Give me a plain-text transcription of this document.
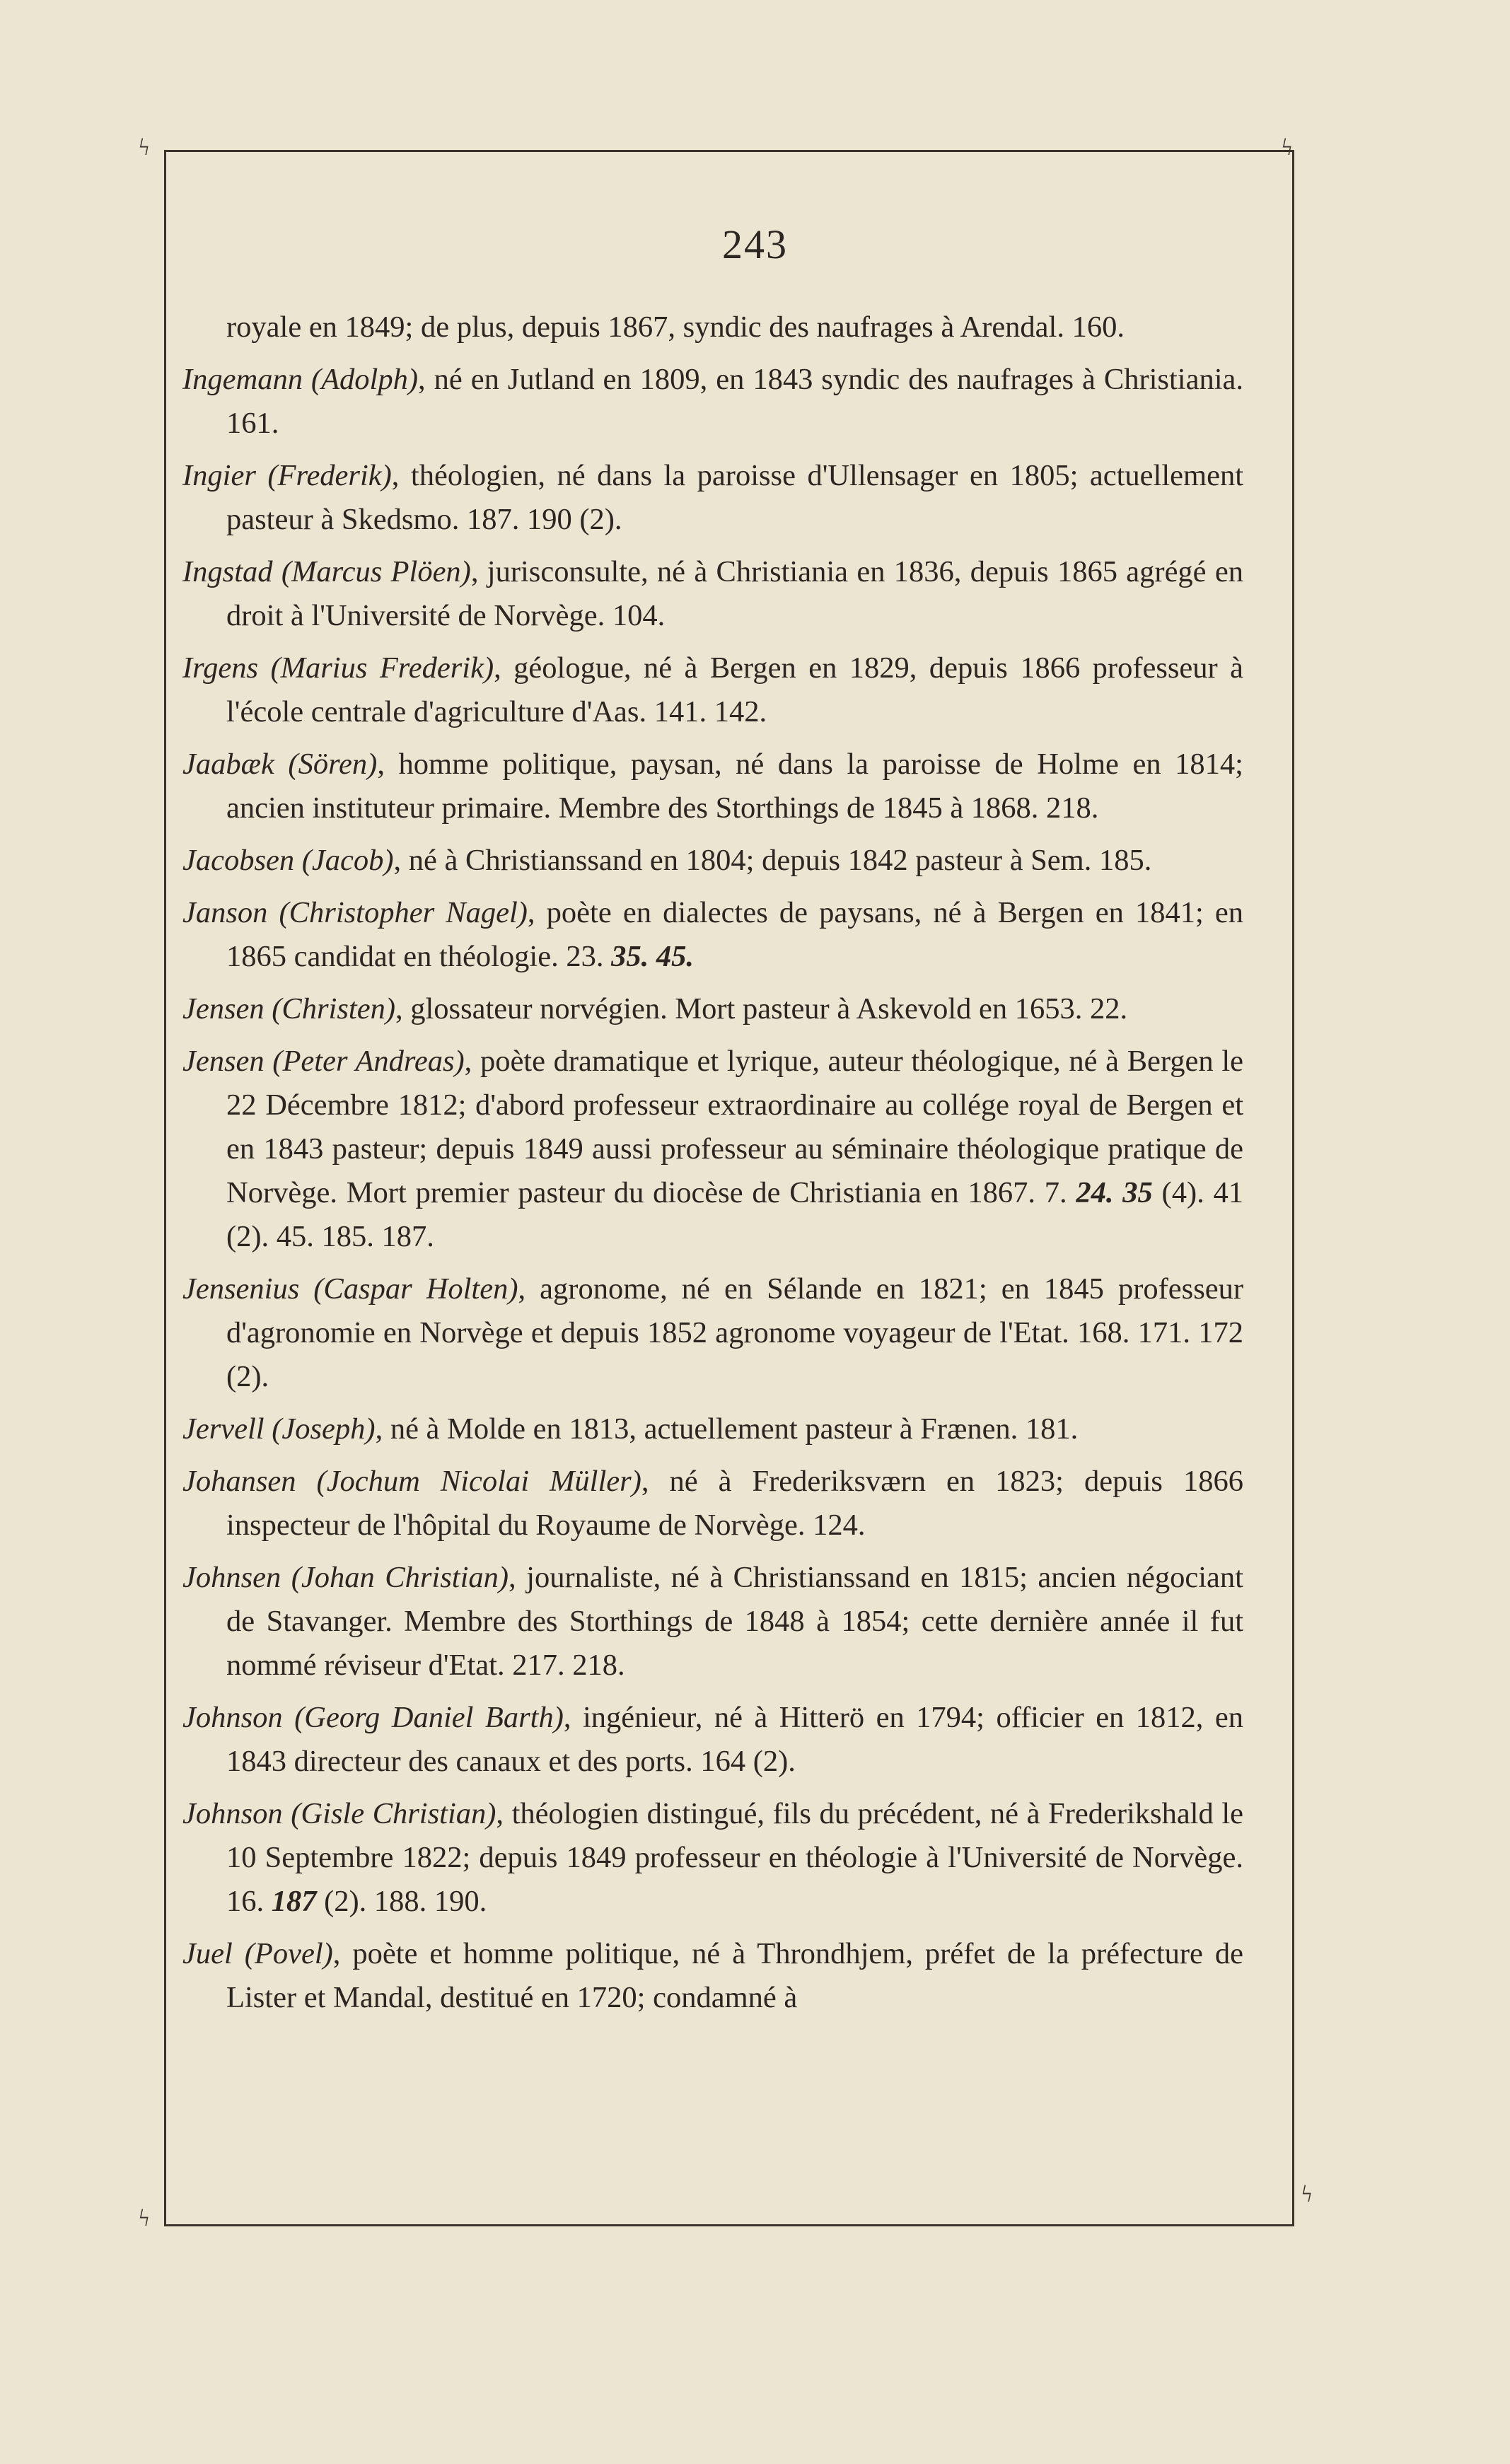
ϟ	ϟ
ϟ
ϟ
243

royale en 1849; de plus, depuis 1867, syndic des naufrages à Arendal. 160.

Ingemann (Adolph), né en Jutland en 1809, en 1843 syndic des naufrages à Christiania. 161.

Ingier (Frederik), théologien, né dans la paroisse d'Ullensager en 1805; actuellement pasteur à Skedsmo. 187. 190 (2).

Ingstad (Marcus Plöen), jurisconsulte, né à Christiania en 1836, depuis 1865 agrégé en droit à l'Université de Norvège. 104.

Irgens (Marius Frederik), géologue, né à Bergen en 1829, depuis 1866 professeur à l'école centrale d'agriculture d'Aas. 141. 142.

Jaabæk (Sören), homme politique, paysan, né dans la paroisse de Holme en 1814; ancien instituteur primaire. Membre des Storthings de 1845 à 1868. 218.

Jacobsen (Jacob), né à Christianssand en 1804; depuis 1842 pasteur à Sem. 185.

Janson (Christopher Nagel), poète en dialectes de paysans, né à Bergen en 1841; en 1865 candidat en théologie. 23. 35. 45.

Jensen (Christen), glossateur norvégien. Mort pasteur à Askevold en 1653. 22.

Jensen (Peter Andreas), poète dramatique et lyrique, auteur théologique, né à Bergen le 22 Décembre 1812; d'abord professeur extraordinaire au collége royal de Bergen et en 1843 pasteur; depuis 1849 aussi professeur au séminaire théologique pratique de Norvège. Mort premier pasteur du diocèse de Christiania en 1867. 7. 24. 35 (4). 41 (2). 45. 185. 187.

Jensenius (Caspar Holten), agronome, né en Sélande en 1821; en 1845 professeur d'agronomie en Norvège et depuis 1852 agronome voyageur de l'Etat. 168. 171. 172 (2).

Jervell (Joseph), né à Molde en 1813, actuellement pasteur à Frænen. 181.

Johansen (Jochum Nicolai Müller), né à Frederiksværn en 1823; depuis 1866 inspecteur de l'hôpital du Royaume de Norvège. 124.

Johnsen (Johan Christian), journaliste, né à Christianssand en 1815; ancien négociant de Stavanger. Membre des Storthings de 1848 à 1854; cette dernière année il fut nommé réviseur d'Etat. 217. 218.

Johnson (Georg Daniel Barth), ingénieur, né à Hitterö en 1794; officier en 1812, en 1843 directeur des canaux et des ports. 164 (2).

Johnson (Gisle Christian), théologien distingué, fils du précédent, né à Frederikshald le 10 Septembre 1822; depuis 1849 professeur en théologie à l'Université de Norvège. 16. 187 (2). 188. 190.

Juel (Povel), poète et homme politique, né à Throndhjem, préfet de la préfecture de Lister et Mandal, destitué en 1720; condamné à
